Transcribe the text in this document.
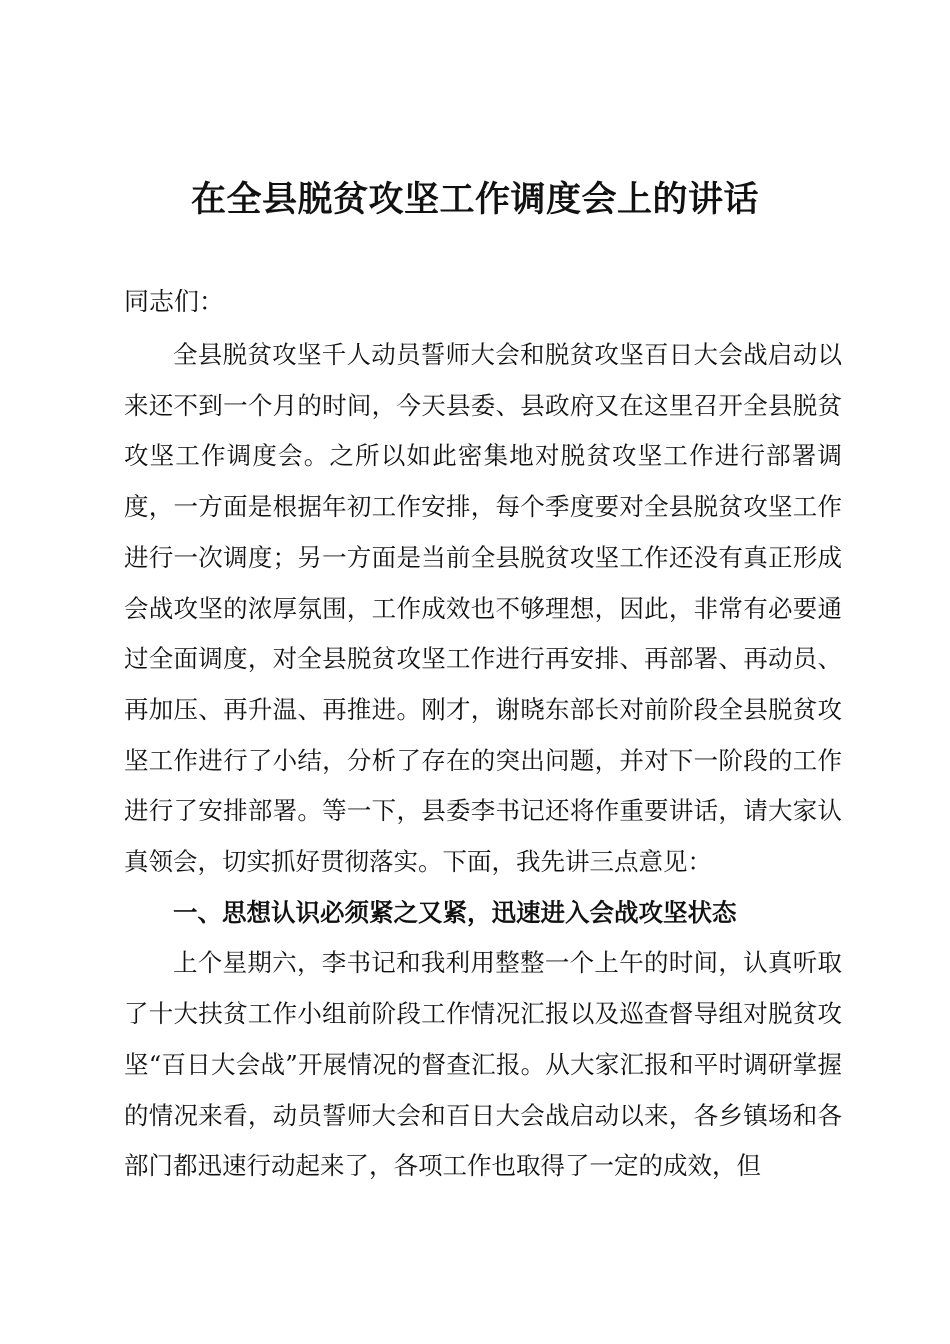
在全县脱贫攻坚工作调度会上的讲话
同志们：

全县脱贫攻坚千人动员誓师大会和脱贫攻坚百日大会战启动以来还不到一个月的时间，今天县委、县政府又在这里召开全县脱贫攻坚工作调度会。之所以如此密集地对脱贫攻坚工作进行部署调度，一方面是根据年初工作安排，每个季度要对全县脱贫攻坚工作进行一次调度；另一方面是当前全县脱贫攻坚工作还没有真正形成会战攻坚的浓厚氛围，工作成效也不够理想，因此，非常有必要通过全面调度，对全县脱贫攻坚工作进行再安排、再部署、再动员、再加压、再升温、再推进。刚才，谢晓东部长对前阶段全县脱贫攻坚工作进行了小结，分析了存在的突出问题，并对下一阶段的工作进行了安排部署。等一下，县委李书记还将作重要讲话，请大家认真领会，切实抓好贯彻落实。下面，我先讲三点意见：

一、思想认识必须紧之又紧，迅速进入会战攻坚状态

上个星期六，李书记和我利用整整一个上午的时间，认真听取了十大扶贫工作小组前阶段工作情况汇报以及巡查督导组对脱贫攻坚“百日大会战”开展情况的督查汇报。从大家汇报和平时调研掌握的情况来看，动员誓师大会和百日大会战启动以来，各乡镇场和各部门都迅速行动起来了，各项工作也取得了一定的成效，但
